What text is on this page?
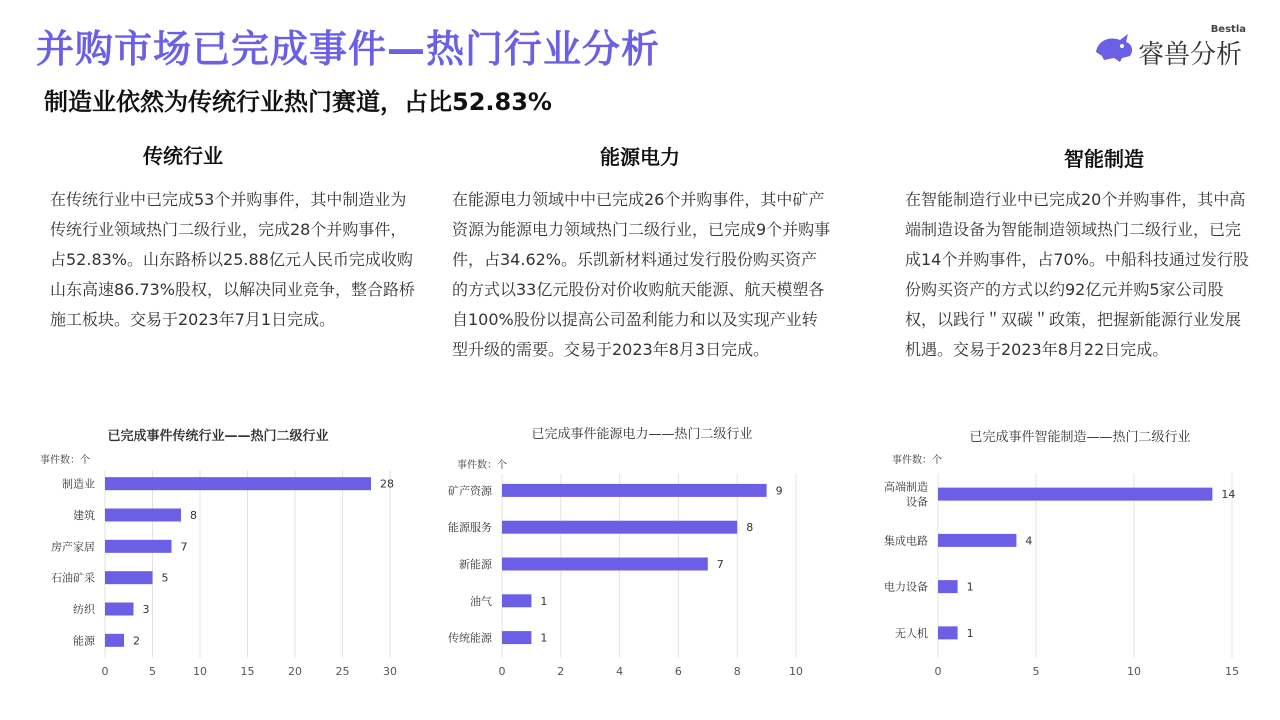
并购市场已完成事件—热门行业分析
制造业依然为传统行业热门赛道，占比52.83%
Bestla
睿兽分析
传统行业	能源电力	智能制造
在传统行业中已完成53个并购事件，其中制造业为传统行业领域热门二级行业，完成28个并购事件，占52.83%。山东路桥以25.88亿元人民币完成收购山东高速86.73%股权，以解决同业竞争，整合路桥施工板块。交易于2023年7月1日完成。
在能源电力领域中中已完成26个并购事件，其中矿产资源为能源电力领域热门二级行业，已完成9个并购事件，占34.62%。乐凯新材料通过发行股份购买资产的方式以33亿元股份对价收购航天能源、航天模塑各自100%股份以提高公司盈利能力和以及实现产业转型升级的需要。交易于2023年8月3日完成。
在智能制造行业中已完成20个并购事件，其中高端制造设备为智能制造领域热门二级行业，已完成14个并购事件，占70%。中船科技通过发行股份购买资产的方式以约92亿元并购5家公司股权，以践行＂双碳＂政策，把握新能源行业发展机遇。交易于2023年8月22日完成。
已完成事件传统行业——热门二级行业
事件数：个
0	5	10	15	20	25	30
28
制造业
8
建筑
7
房产家居
5
石油矿采
3
纺织
2
能源
已完成事件能源电力——热门二级行业
事件数：个
0	2	4	6	8	10
9
矿产资源
8
能源服务
7
新能源
1
油气
1
传统能源
已完成事件智能制造——热门二级行业
事件数：个
0	5	10	15
14
高端制造
设备
4
集成电路
1
电力设备
1
无人机
